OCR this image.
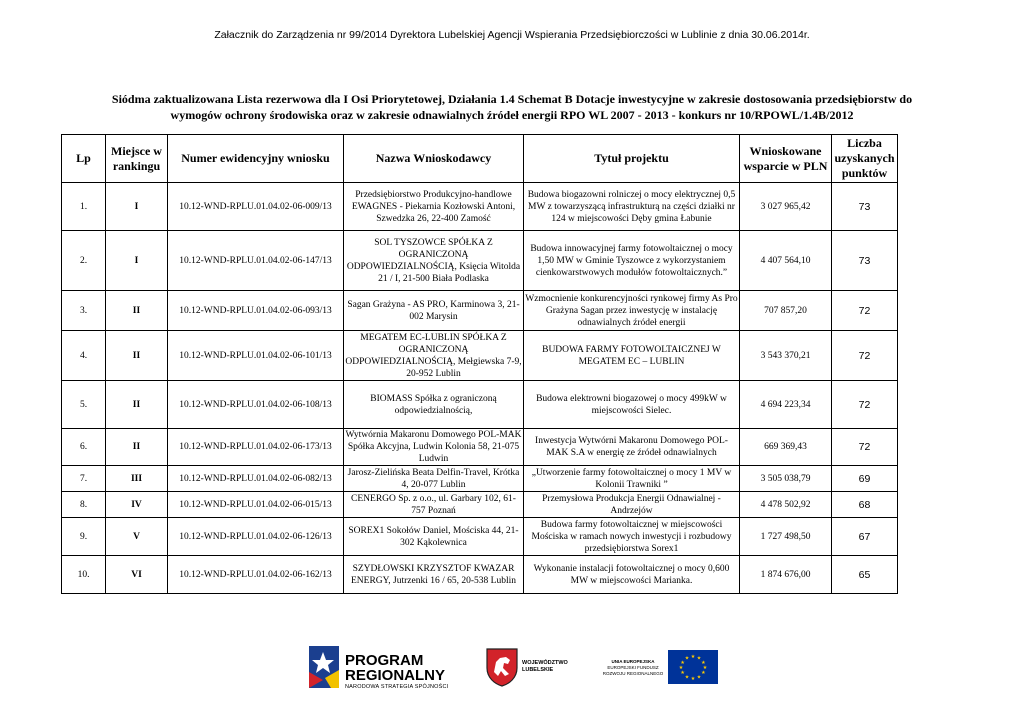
Załacznik do Zarządzenia nr 99/2014 Dyrektora Lubelskiej Agencji Wspierania Przedsiębiorczości w Lublinie z dnia 30.06.2014r.
Siódma zaktualizowana Lista rezerwowa dla I Osi Priorytetowej, Działania 1.4 Schemat B Dotacje inwestycyjne w zakresie dostosowania przedsiębiorstw do
wymogów ochrony środowiska oraz w zakresie odnawialnych źródeł energii RPO WL 2007 - 2013 - konkurs nr 10/RPOWL/1.4B/2012
Lp	Miejsce w rankingu	Numer ewidencyjny wniosku	Nazwa Wnioskodawcy	Tytuł projektu	Wnioskowane wsparcie w PLN	Liczba uzyskanych punktów
1.	I	10.12-WND-RPLU.01.04.02-06-009/13	Przedsiębiorstwo Produkcyjno-handlowe EWAGNES - Piekarnia Kozłowski Antoni, Szwedzka 26, 22-400 Zamość	Budowa biogazowni rolniczej o mocy elektrycznej 0,5 MW z towarzyszącą infrastrukturą na części działki nr 124 w miejscowości Dęby gmina Łabunie	3 027 965,42	73
2.	I	10.12-WND-RPLU.01.04.02-06-147/13	SOL TYSZOWCE SPÓŁKA Z OGRANICZONĄ ODPOWIEDZIALNOŚCIĄ, Księcia Witolda 21 / I, 21-500 Biała Podlaska	Budowa innowacyjnej farmy fotowoltaicznej o mocy 1,50 MW w Gminie Tyszowce z wykorzystaniem cienkowarstwowych modułów fotowoltaicznych.”	4 407 564,10	73
3.	II	10.12-WND-RPLU.01.04.02-06-093/13	Sagan Grażyna - AS PRO, Karminowa 3, 21-002 Marysin	Wzmocnienie konkurencyjności rynkowej firmy As Pro Grażyna Sagan przez inwestycję w instalację odnawialnych źródeł energii	707 857,20	72
4.	II	10.12-WND-RPLU.01.04.02-06-101/13	MEGATEM EC-LUBLIN SPÓŁKA Z OGRANICZONĄ ODPOWIEDZIALNOŚCIĄ, Mełgiewska 7-9, 20-952 Lublin	BUDOWA FARMY FOTOWOLTAICZNEJ W MEGATEM EC – LUBLIN	3 543 370,21	72
5.	II	10.12-WND-RPLU.01.04.02-06-108/13	BIOMASS Spółka z ograniczoną odpowiedzialnością,	Budowa elektrowni biogazowej o mocy 499kW w miejscowości Sielec.	4 694 223,34	72
6.	II	10.12-WND-RPLU.01.04.02-06-173/13	Wytwórnia Makaronu Domowego POL-MAK Spółka Akcyjna, Ludwin Kolonia 58, 21-075 Ludwin	Inwestycja Wytwórni Makaronu Domowego POL-MAK S.A w energię ze źródeł odnawialnych	669 369,43	72
7.	III	10.12-WND-RPLU.01.04.02-06-082/13	Jarosz-Zielińska Beata Delfin-Travel, Krótka 4, 20-077 Lublin	„Utworzenie farmy fotowoltaicznej o mocy 1 MV w Kolonii Trawniki ”	3 505 038,79	69
8.	IV	10.12-WND-RPLU.01.04.02-06-015/13	CENERGO Sp. z o.o., ul. Garbary 102, 61-757 Poznań	Przemysłowa Produkcja Energii Odnawialnej - Andrzejów	4 478 502,92	68
9.	V	10.12-WND-RPLU.01.04.02-06-126/13	SOREX1 Sokołów Daniel, Mościska 44, 21-302 Kąkolewnica	Budowa farmy fotowoltaicznej w miejscowości Mościska w ramach nowych inwestycji i rozbudowy przedsiębiorstwa Sorex1	1 727 498,50	67
10.	VI	10.12-WND-RPLU.01.04.02-06-162/13	SZYDŁOWSKI KRZYSZTOF KWAZAR ENERGY, Jutrzenki 16 / 65, 20-538 Lublin	Wykonanie instalacji fotowoltaicznej o mocy 0,600 MW w miejscowości Marianka.	1 874 676,00	65
PROGRAM
REGIONALNY
NARODOWA STRATEGIA SPÓJNOŚCI
WOJEWÓDZTWO
LUBELSKIE
UNIA EUROPEJSKA
EUROPEJSKI FUNDUSZ
ROZWOJU REGIONALNEGO
★ ★
★
★
★
★
★
★
★
★
★
★
